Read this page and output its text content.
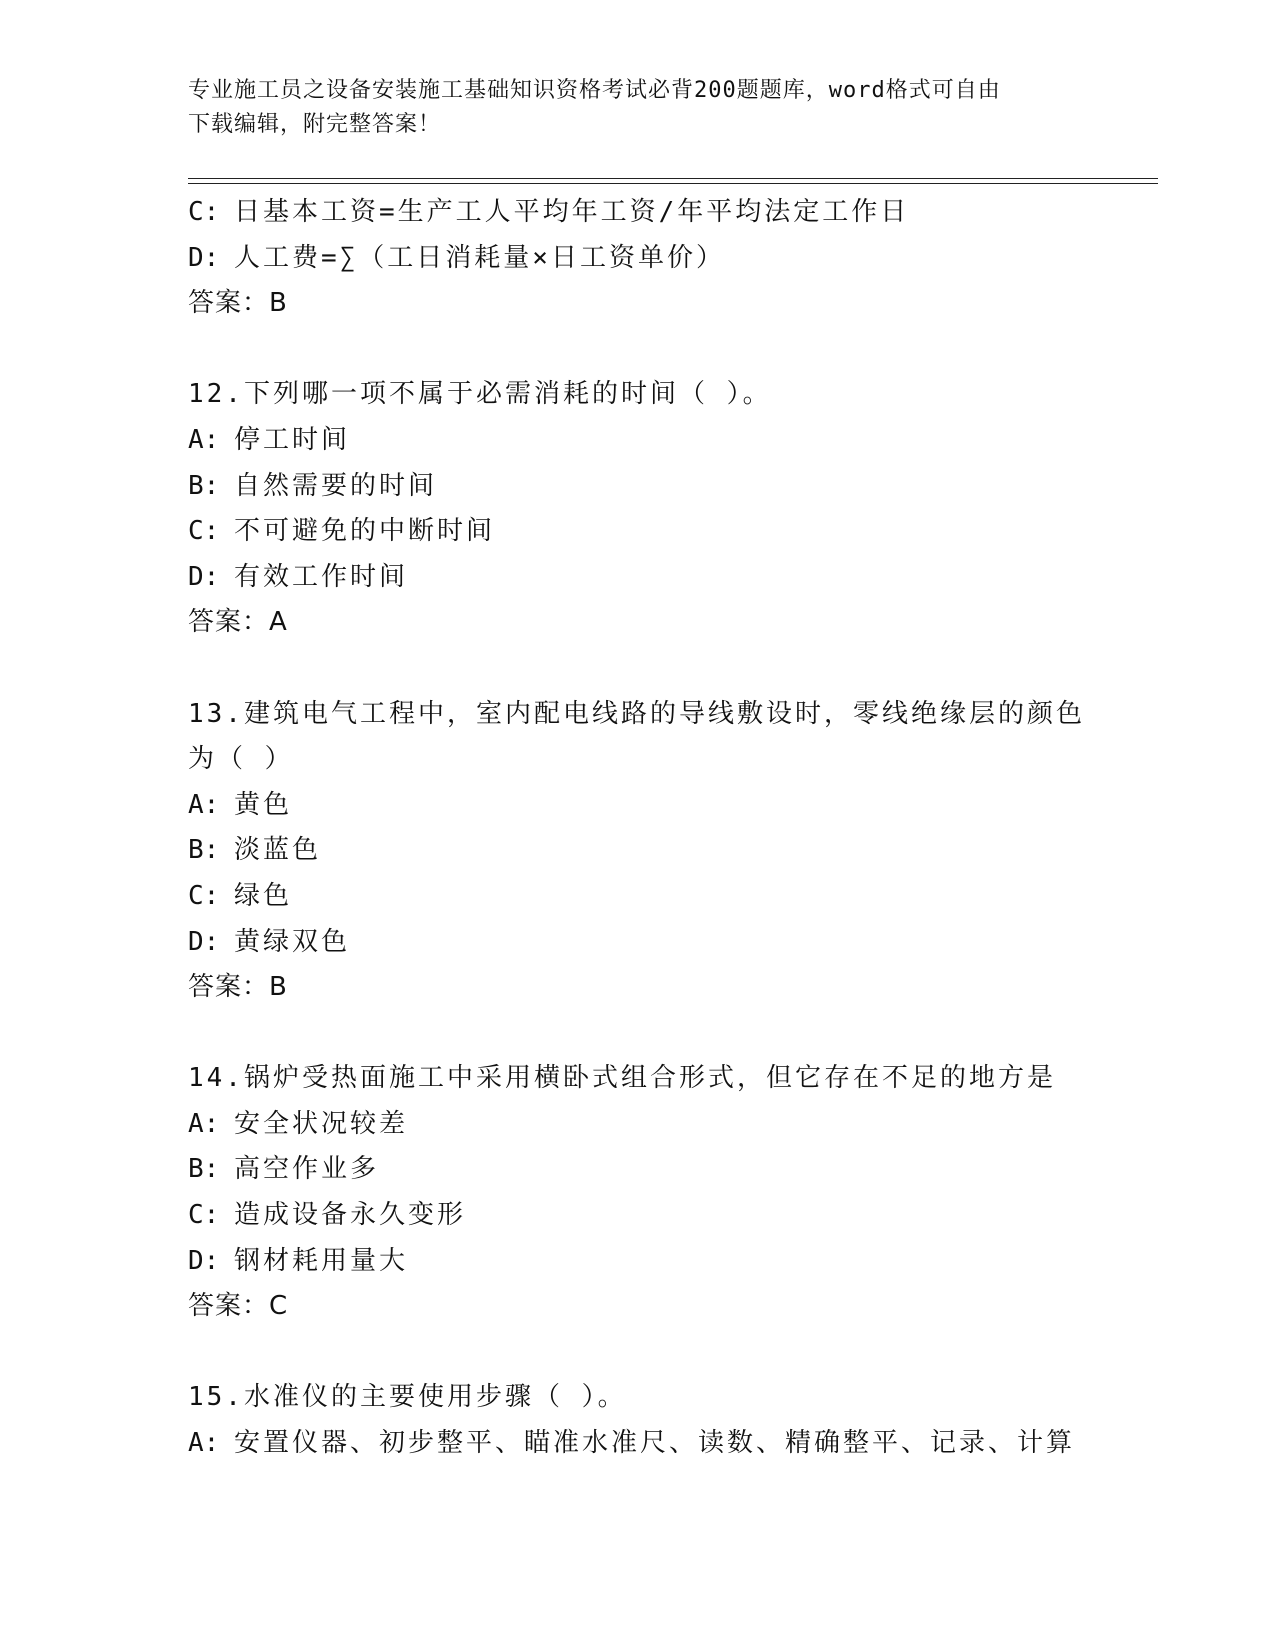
专业施工员之设备安装施工基础知识资格考试必背200题题库，word格式可自由
下载编辑，附完整答案！
C: 日基本工资=生产工人平均年工资/年平均法定工作日
D: 人工费=∑（工日消耗量×日工资单价）
答案：B
12.下列哪一项不属于必需消耗的时间（ ）。
A: 停工时间
B: 自然需要的时间
C: 不可避免的中断时间
D: 有效工作时间
答案：A
13.建筑电气工程中，室内配电线路的导线敷设时，零线绝缘层的颜色
为（ ）
A: 黄色
B: 淡蓝色
C: 绿色
D: 黄绿双色
答案：B
14.锅炉受热面施工中采用横卧式组合形式，但它存在不足的地方是
A: 安全状况较差
B: 高空作业多
C: 造成设备永久变形
D: 钢材耗用量大
答案：C
15.水准仪的主要使用步骤（ ）。
A: 安置仪器、初步整平、瞄准水准尺、读数、精确整平、记录、计算
